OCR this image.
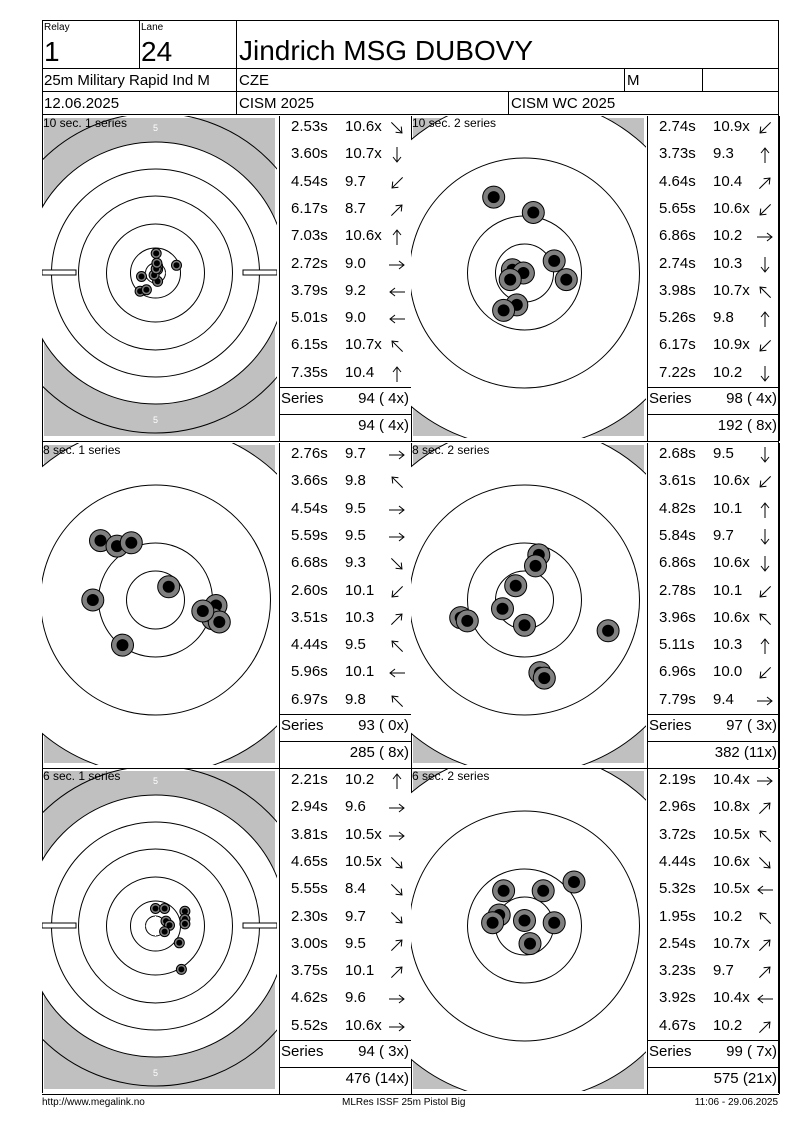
Relay
1
Lane
24 Jindrich MSG DUBOVY
25m Military Rapid Ind M CZE	M
12.06.2025	CISM 2025	CISM WC 2025
5
5
6
6
7
7
8
8
9
9
10 sec. 1 series	2.53s 10.6x
3.60s 10.7x
4.54s 9.7
6.17s 8.7
7.03s 10.6x
2.72s 9.0
3.79s 9.2
5.01s 9.0
6.15s 10.7x
7.35s 10.4
Series	94 ( 4x)
94 ( 4x)
8
8
9
9
10 sec. 2 series	2.74s 10.9x
3.73s 9.3
4.64s 10.4
5.65s 10.6x
6.86s 10.2
2.74s 10.3
3.98s 10.7x
5.26s 9.8
6.17s 10.9x
7.22s 10.2
Series	98 ( 4x)
192 ( 8x)
8
8
9
9
8 sec. 1 series	2.76s 9.7
3.66s 9.8
4.54s 9.5
5.59s 9.5
6.68s 9.3
2.60s 10.1
3.51s 10.3
4.44s 9.5
5.96s 10.1
6.97s 9.8
Series	93 ( 0x)
285 ( 8x)
8
8
9
9
8 sec. 2 series	2.68s 9.5
3.61s 10.6x
4.82s 10.1
5.84s 9.7
6.86s 10.6x
2.78s 10.1
3.96s 10.6x
5.11s 10.3
6.96s 10.0
7.79s 9.4
Series	97 ( 3x)
382 (11x)
5
5
6
6
7
7
8
8
9
9
6 sec. 1 series	2.21s 10.2
2.94s 9.6
3.81s 10.5x
4.65s 10.5x
5.55s 8.4
2.30s 9.7
3.00s 9.5
3.75s 10.1
4.62s 9.6
5.52s 10.6x
Series	94 ( 3x)
476 (14x)
8
8
9
9
6 sec. 2 series	2.19s 10.4x
2.96s 10.8x
3.72s 10.5x
4.44s 10.6x
5.32s 10.5x
1.95s 10.2
2.54s 10.7x
3.23s 9.7
3.92s 10.4x
4.67s 10.2
Series	99 ( 7x)
575 (21x)
http://www.megalink.no	MLRes ISSF 25m Pistol Big	11:06 - 29.06.2025
